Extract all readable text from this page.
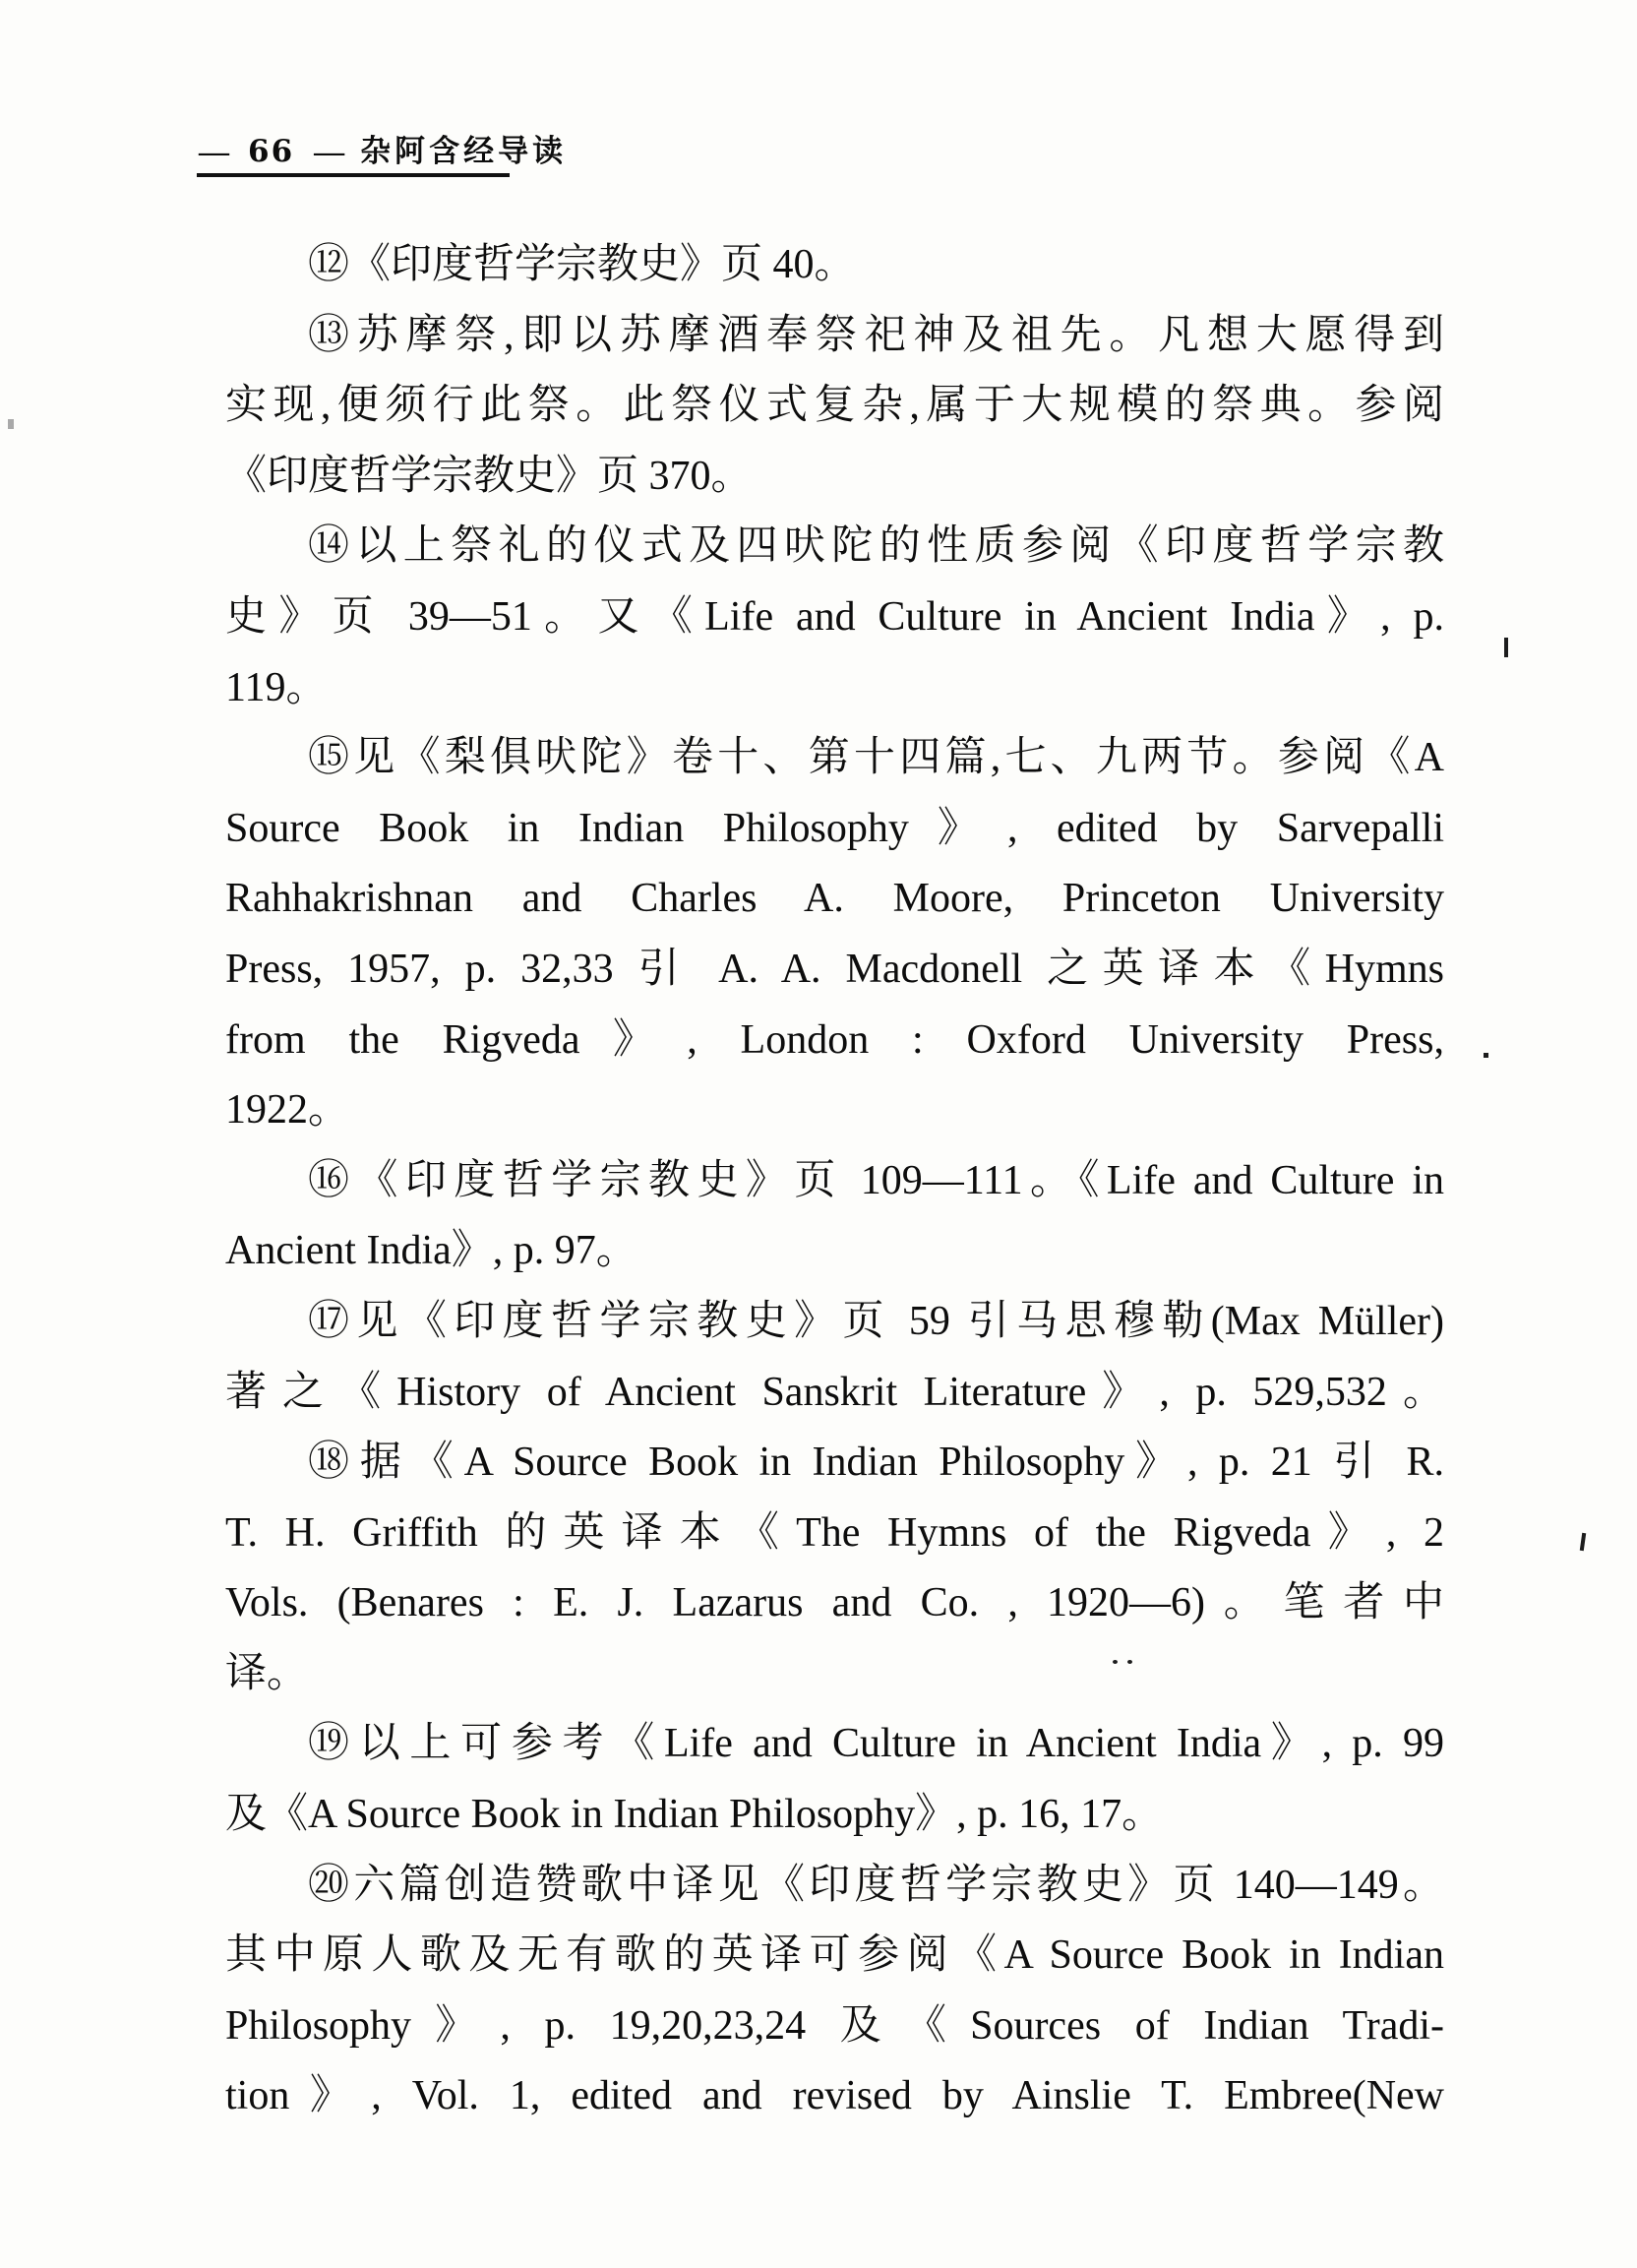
— 66 — 杂阿含经导读
⑫《印度哲学宗教史》页 40。
⑬苏摩祭,即以苏摩酒奉祭祀神及祖先。凡想大愿得到
实现,便须行此祭。此祭仪式复杂,属于大规模的祭典。参阅
《印度哲学宗教史》页 370。
⑭以上祭礼的仪式及四吠陀的性质参阅《印度哲学宗教
史》页 39—51。又《Life and Culture in Ancient India》, p.
119。
⑮见《梨俱吠陀》卷十、第十四篇,七、九两节。参阅《A
Source Book in Indian Philosophy》, edited by Sarvepalli
Rahhakrishnan and Charles A. Moore, Princeton University
Press, 1957, p. 32,33 引 A. A. Macdonell 之英译本《Hymns
from the Rigveda》, London : Oxford University Press,
1922。
⑯《印度哲学宗教史》页 109—111。《Life and Culture in
Ancient India》, p. 97。
⑰见《印度哲学宗教史》页 59 引马思穆勒(Max Müller)
著之《History of Ancient Sanskrit Literature》, p. 529,532。
⑱据《A Source Book in Indian Philosophy》, p. 21 引 R.
T. H. Griffith 的英译本《The Hymns of the Rigveda》, 2
Vols. (Benares : E. J. Lazarus and Co. , 1920—6)。笔者中
译。
⑲以上可参考《Life and Culture in Ancient India》, p. 99
及《A Source Book in Indian Philosophy》, p. 16, 17。
⑳六篇创造赞歌中译见《印度哲学宗教史》页 140—149。
其中原人歌及无有歌的英译可参阅《A Source Book in Indian
Philosophy》, p. 19,20,23,24 及《Sources of Indian Tradi-
tion》, Vol. 1, edited and revised by Ainslie T. Embree(New
